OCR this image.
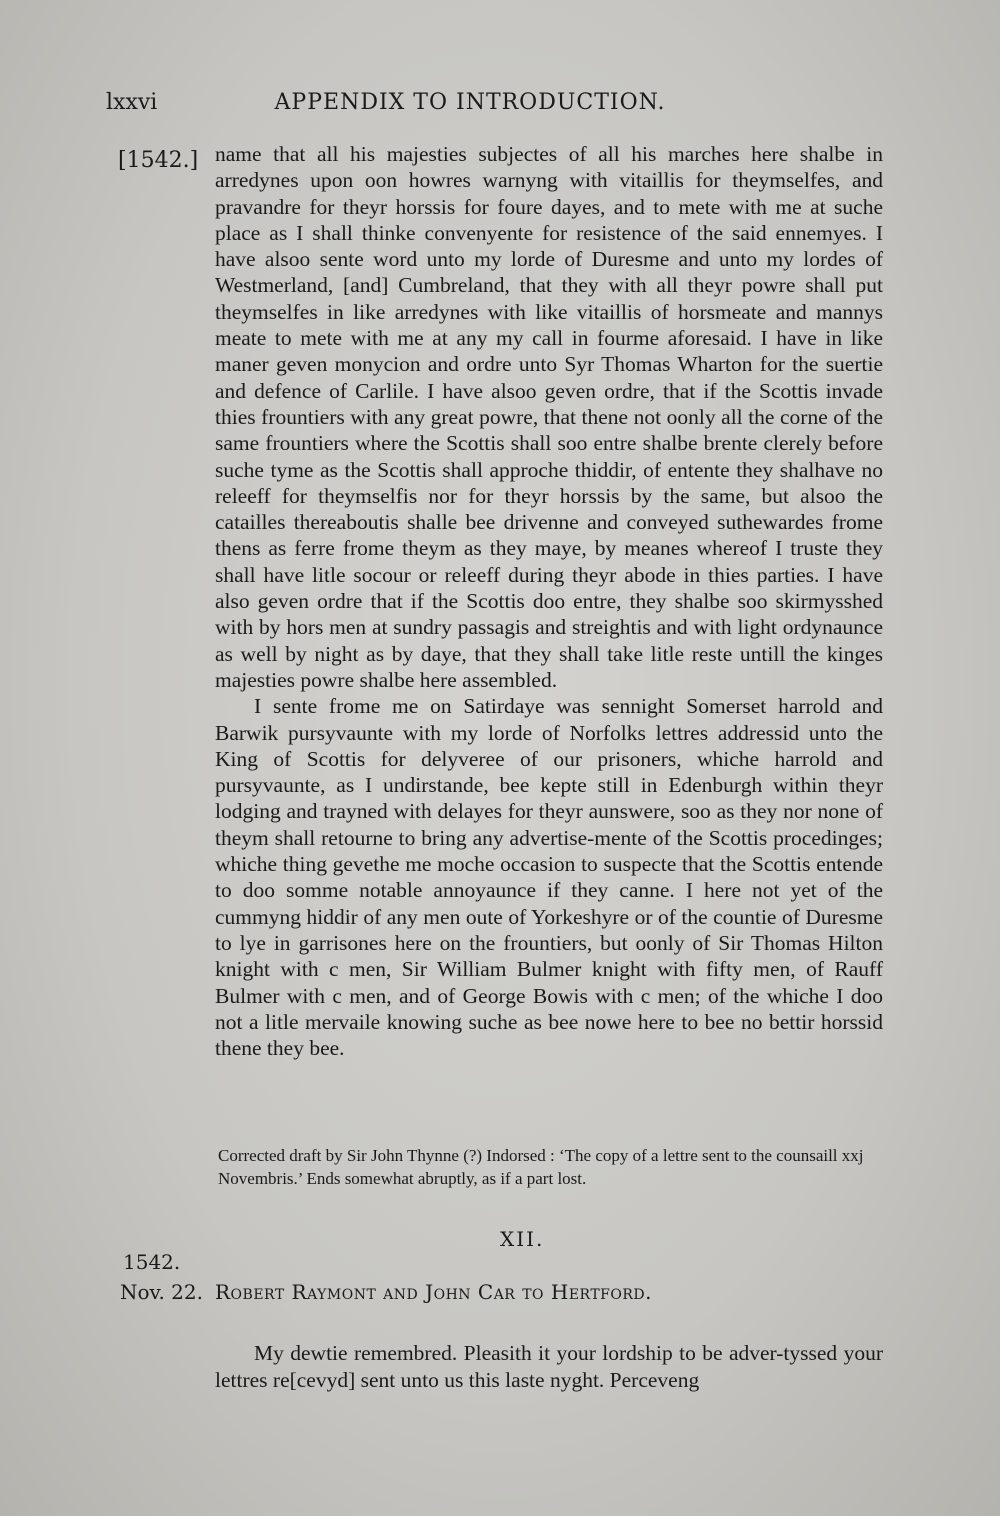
lxxvi	APPENDIX TO INTRODUCTION.
[1542.] name that all his majesties subjectes of all his marches here shalbe in arredynes upon oon howres warnyng with vitaillis for theymselfes, and pravandre for theyr horssis for foure dayes, and to mete with me at suche place as I shall thinke convenyente for resistence of the said ennemyes. I have alsoo sente word unto my lorde of Duresme and unto my lordes of Westmerland, [and] Cumbreland, that they with all theyr powre shall put theymselfes in like arredynes with like vitaillis of horsmeate and mannys meate to mete with me at any my call in fourme aforesaid. I have in like maner geven monycion and ordre unto Syr Thomas Wharton for the suertie and defence of Carlile. I have alsoo geven ordre, that if the Scottis invade thies frountiers with any great powre, that thene not oonly all the corne of the same frountiers where the Scottis shall soo entre shalbe brente clerely before suche tyme as the Scottis shall approche thiddir, of ententе they shalhave no releeff for theymselfis nor for theyr horssis by the same, but alsoo the catailles thereaboutis shalle bee drivenne and conveyed suthewardes frome thens as ferre frome theym as they maye, by meanes whereof I truste they shall have litle socour or releeff during theyr abode in thies parties. I have also geven ordre that if the Scottis doo entre, they shalbe soo skirmysshed with by hors men at sundry passagis and streightis and with light ordynaunce as well by night as by daye, that they shall take litle reste untill the kinges majesties powre shalbe here assembled.

I sente frome me on Satirdaye was sennight Somerset harrold and Barwik pursyvaunte with my lorde of Norfolks lettres addressid unto the King of Scottis for delyveree of our prisoners, whiche harrold and pursyvaunte, as I undirstande, bee kepte still in Edenburgh within theyr lodging and trayned with delayes for theyr aunswere, soo as they nor none of theym shall retourne to bring any advertise-mente of the Scottis procedinges; whiche thing gevethe me moche occasion to suspecte that the Scottis entende to doo somme notable annoyaunce if they canne. I here not yet of the cummyng hiddir of any men oute of Yorkeshyre or of the countie of Duresme to lye in garrisones here on the frountiers, but oonly of Sir Thomas Hilton knight with c men, Sir William Bulmer knight with fifty men, of Rauff Bulmer with c men, and of George Bowis with c men; of the whiche I doo not a litle mervaile knowing suche as bee nowe here to bee no bettir horssid thene they bee.

Corrected draft by Sir John Thynne (?) Indorsed : ‘The copy of a lettre sent to the counsaill xxj Novembris.’ Ends somewhat abruptly, as if a part lost.
XII.
1542.
Nov. 22. Robert Raymont and John Car to Hertford.

My dewtie remembred. Pleasith it your lordship to be adver-tyssed your lettres re[cevyd] sent unto us this laste nyght. Perceveng
